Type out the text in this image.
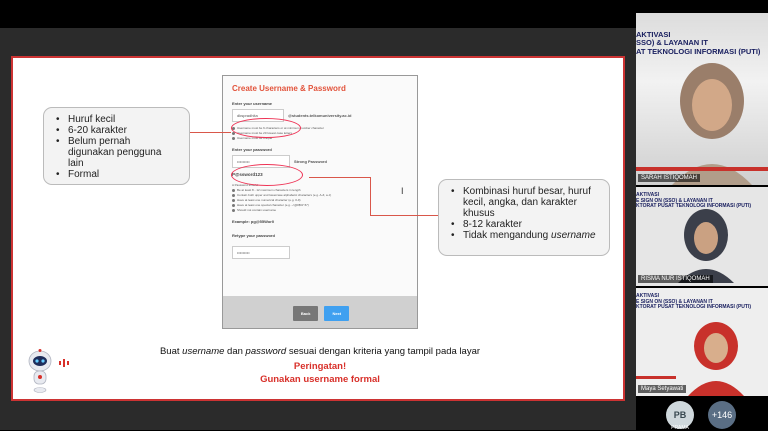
Create Username & Password
Enter your username
dkspradhita	@students.telkomuniversity.ac.id
Username must be 6 characters or at minimum number character
Username must be 20 lowest case letters
Username must be unique
Enter your password
•••••••••	Strong Password
P@ssword123
A Password should:
Be at least 8 - 12 maximum characters in length
Contain both upper and lowercase alphabetic characters (e.g. A-Z, a-z)
Have at least one numerical character (e.g. 0-9)
Have at least one special character (e.g. ~!@#$%^&*)
Should not contain username
Example: pg@55Wor0
Retype your password
•••••••••
Back	Next
• Huruf kecil
• 6-20 karakter
• Belum pernah digunakan pengguna lain
• Formal
• Kombinasi huruf besar, huruf kecil, angka, dan karakter khusus
• 8-12 karakter
• Tidak mengandung username
I
Buat username dan password sesuai dengan kriteria yang tampil pada layar
Peringatan!
Gunakan username formal
AKTIVASI
SSO) & LAYANAN IT
AT TEKNOLOGI INFORMASI (PUTI)
SARAH ISTIQOMAH
AKTIVASI
E SIGN ON (SSO) & LAYANAN IT
KTORAT PUSAT TEKNOLOGI INFORMASI (PUTI)
RISMA NUR ISTIQOMAH
AKTIVASI
E SIGN ON (SSO) & LAYANAN IT
KTORAT PUSAT TEKNOLOGI INFORMASI (PUTI)
Maya Setyawati
PB
PRAMA
+146
